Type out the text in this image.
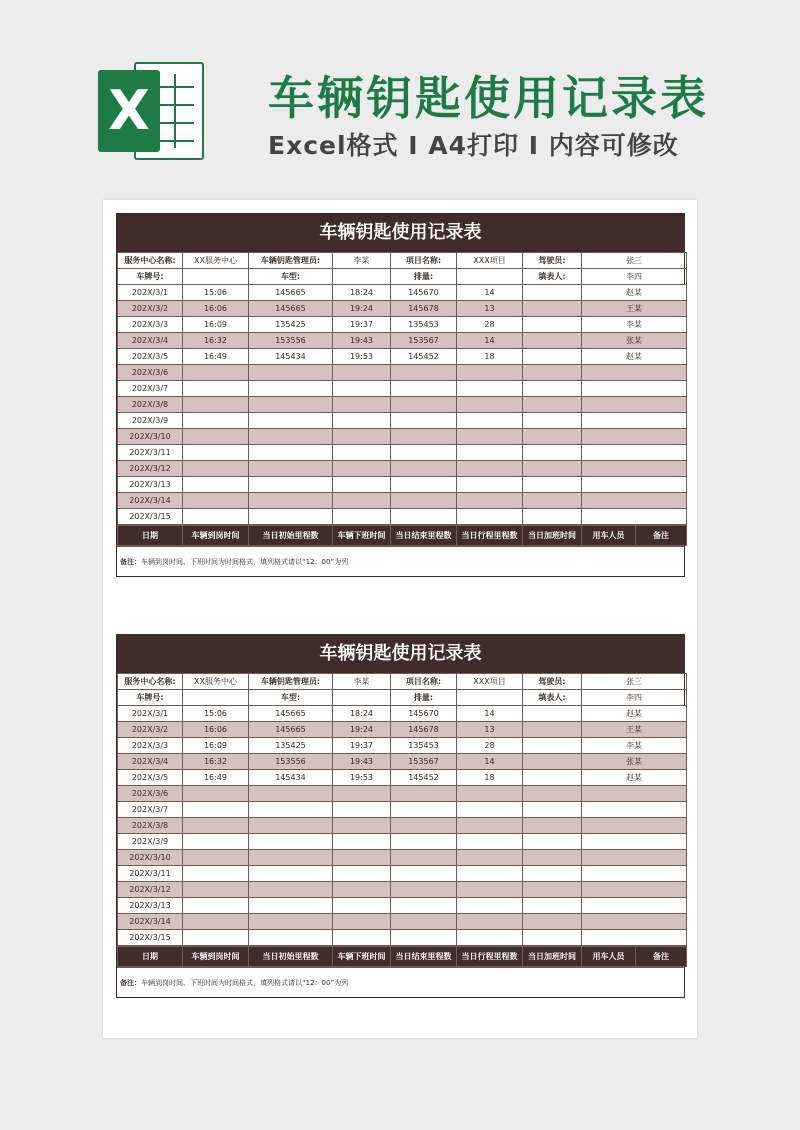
X	车辆钥匙使用记录表
Excel格式 I A4打印 I 内容可修改
车辆钥匙使用记录表
服务中心名称:	XX服务中心	车辆钥匙管理员:	李某	项目名称:	XXX项目	驾驶员:	张三	
车牌号:		车型:		排量:		填表人:	李四	
202X/3/1	15:06	145665	18:24	145670	14		赵某	
202X/3/2	16:06	145665	19:24	145678	13		王某	
202X/3/3	16:09	135425	19:37	135453	28		李某	
202X/3/4	16:32	153556	19:43	153567	14		张某	
202X/3/5	16:49	145434	19:53	145452	18		赵某	
202X/3/6								
202X/3/7								
202X/3/8								
202X/3/9								
202X/3/10								
202X/3/11								
202X/3/12								
202X/3/13								
202X/3/14								
202X/3/15								
日期	车辆到岗时间	当日初始里程数	车辆下班时间	当日结束里程数	当日行程里程数	当日加班时间	用车人员	备注
备注：车辆到岗时间、下班时间为时间格式，填列格式请以“12：00”为列
车辆钥匙使用记录表
服务中心名称:	XX服务中心	车辆钥匙管理员:	李某	项目名称:	XXX项目	驾驶员:	张三	
车牌号:		车型:		排量:		填表人:	李四	
202X/3/1	15:06	145665	18:24	145670	14		赵某	
202X/3/2	16:06	145665	19:24	145678	13		王某	
202X/3/3	16:09	135425	19:37	135453	28		李某	
202X/3/4	16:32	153556	19:43	153567	14		张某	
202X/3/5	16:49	145434	19:53	145452	18		赵某	
202X/3/6								
202X/3/7								
202X/3/8								
202X/3/9								
202X/3/10								
202X/3/11								
202X/3/12								
202X/3/13								
202X/3/14								
202X/3/15								
日期	车辆到岗时间	当日初始里程数	车辆下班时间	当日结束里程数	当日行程里程数	当日加班时间	用车人员	备注
备注：车辆到岗时间、下班时间为时间格式，填列格式请以“12：00”为列
